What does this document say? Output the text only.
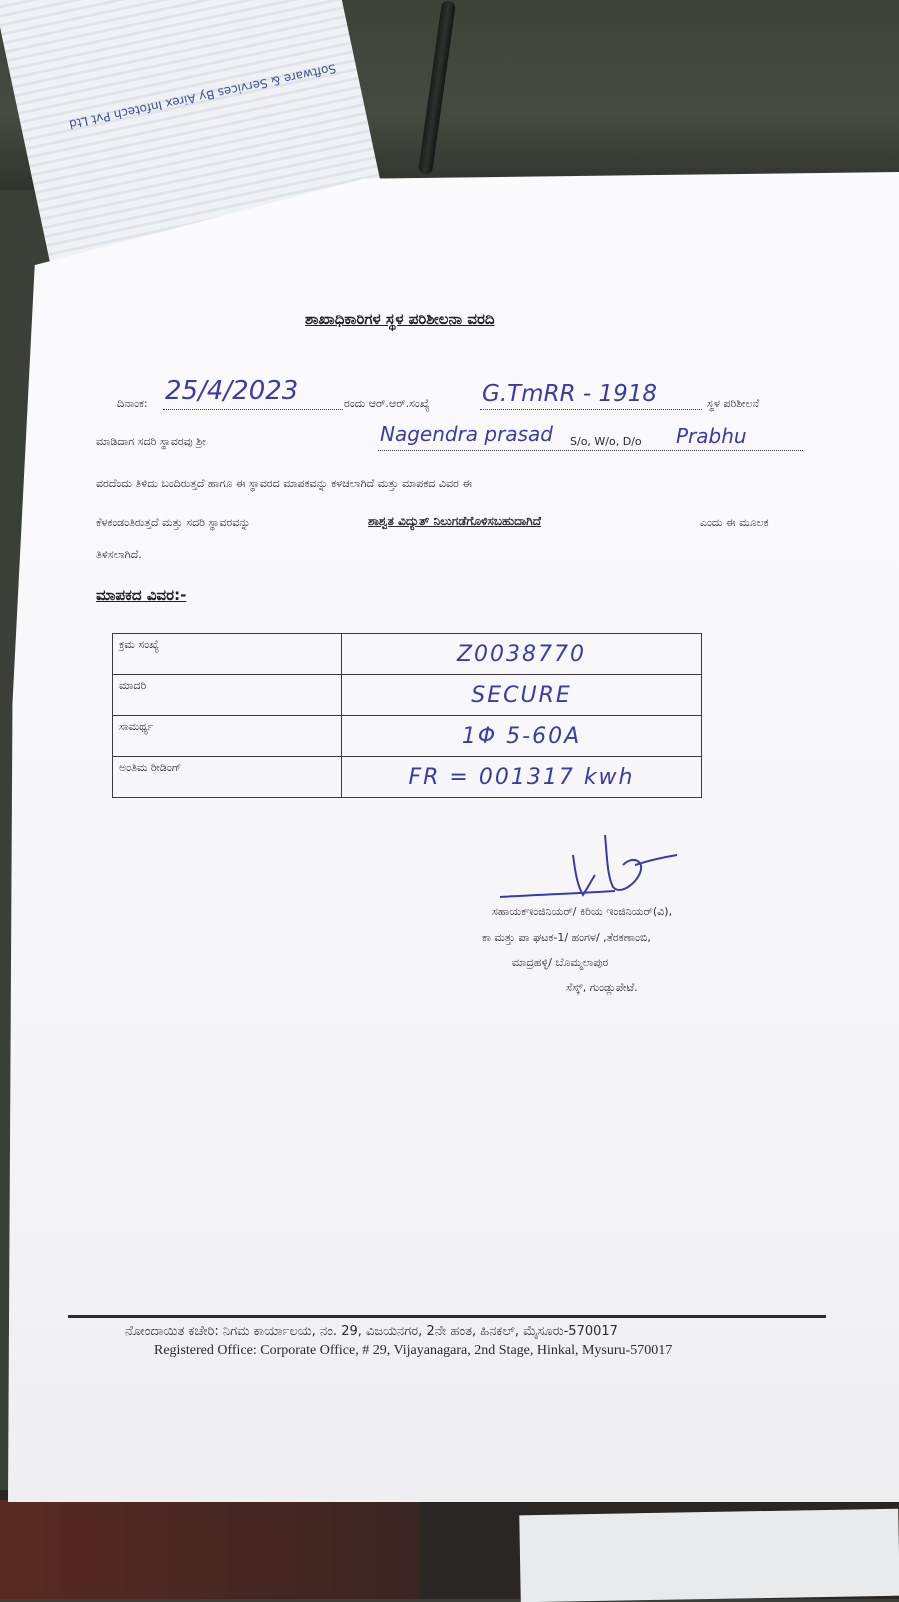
Software & Services By Airex Infotech Pvt Ltd
ಶಾಖಾಧಿಕಾರಿಗಳ ಸ್ಥಳ ಪರಿಶೀಲನಾ ವರದಿ
ದಿನಾಂಕ: 25/4/2023	ರಂದು ಆರ್.ಆರ್.ಸಂಖ್ಯೆ G.TmRR - 1918	ಸ್ಥಳ ಪರಿಶೀಲನೆ
ಮಾಡಿದಾಗ ಸದರಿ ಸ್ಥಾವರವು ಶ್ರೀ	Nagendra prasad S/o, W/o, D/o Prabhu
ವರದೆಂದು ತಿಳಿದು ಬಂದಿರುತ್ತದೆ ಹಾಗೂ ಈ ಸ್ಥಾವರದ ಮಾಪಕವನ್ನು ಕಳಚಲಾಗಿದೆ ಮತ್ತು ಮಾಪಕದ ವಿವರ ಈ
ಕೆಳಕಂಡಂತಿರುತ್ತದೆ ಮತ್ತು ಸದರಿ ಸ್ಥಾವರವನ್ನು	ಶಾಶ್ವತ ವಿದ್ಯುತ್ ನಿಲುಗಡೆಗೊಳಿಸಬಹುದಾಗಿದೆ	ಎಂದು ಈ ಮೂಲಕ
ತಿಳಿಸಲಾಗಿದೆ.
ಮಾಪಕದ ವಿವರ:-
ಕ್ರಮ ಸಂಖ್ಯೆ	Z0038770
ಮಾದರಿ	SECURE
ಸಾಮರ್ಥ್ಯ	1Φ 5-60A
ಅಂತಿಮ ರೀಡಿಂಗ್	FR = 001317 kwh
ಸಹಾಯಕಇಂಜಿನಿಯರ್/ ಕಿರಿಯ ಇಂಜಿನಿಯರ್(ವಿ),
ಕಾ ಮತ್ತು ಪಾ ಘಟಕ-1/ ಹಂಗಳ/ ,ತೆರಕಣಾಂಬಿ,
ಮಾದ್ರಹಳ್ಳಿ/ ಬೊಮ್ಮಲಾಪುರ
ಸೆಸ್ಕ್, ಗುಂಡ್ಲುಪೇಟೆ.
ನೋಂದಾಯಿತ ಕಚೇರಿ: ನಿಗಮ ಕಾರ್ಯಾಲಯ, ನಂ. 29, ವಿಜಯನಗರ, 2ನೇ ಹಂತ, ಹಿನಕಲ್, ಮೈಸೂರು-570017
Registered Office: Corporate Office, # 29, Vijayanagara, 2nd Stage, Hinkal, Mysuru-570017
